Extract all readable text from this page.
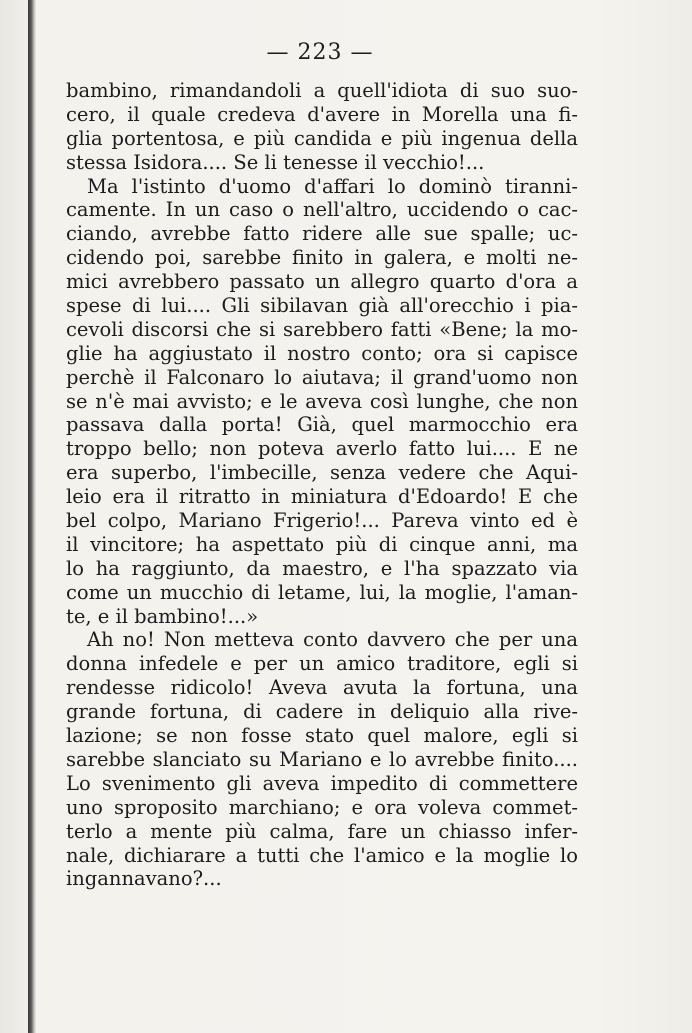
— 223 —
bambino, rimandandoli a quell'idiota di suo suo-
cero, il quale credeva d'avere in Morella una fi-
glia portentosa, e più candida e più ingenua della
stessa Isidora.... Se li tenesse il vecchio!...
Ma l'istinto d'uomo d'affari lo dominò tiranni-
camente. In un caso o nell'altro, uccidendo o cac-
ciando, avrebbe fatto ridere alle sue spalle; uc-
cidendo poi, sarebbe finito in galera, e molti ne-
mici avrebbero passato un allegro quarto d'ora a
spese di lui.... Gli sibilavan già all'orecchio i pia-
cevoli discorsi che si sarebbero fatti «Bene; la mo-
glie ha aggiustato il nostro conto; ora si capisce
perchè il Falconaro lo aiutava; il grand'uomo non
se n'è mai avvisto; e le aveva così lunghe, che non
passava dalla porta! Già, quel marmocchio era
troppo bello; non poteva averlo fatto lui.... E ne
era superbo, l'imbecille, senza vedere che Aqui-
leio era il ritratto in miniatura d'Edoardo! E che
bel colpo, Mariano Frigerio!... Pareva vinto ed è
il vincitore; ha aspettato più di cinque anni, ma
lo ha raggiunto, da maestro, e l'ha spazzato via
come un mucchio di letame, lui, la moglie, l'aman-
te, e il bambino!...»
Ah no! Non metteva conto davvero che per una
donna infedele e per un amico traditore, egli si
rendesse ridicolo! Aveva avuta la fortuna, una
grande fortuna, di cadere in deliquio alla rive-
lazione; se non fosse stato quel malore, egli si
sarebbe slanciato su Mariano e lo avrebbe finito....
Lo svenimento gli aveva impedito di commettere
uno sproposito marchiano; e ora voleva commet-
terlo a mente più calma, fare un chiasso infer-
nale, dichiarare a tutti che l'amico e la moglie lo
ingannavano?...
